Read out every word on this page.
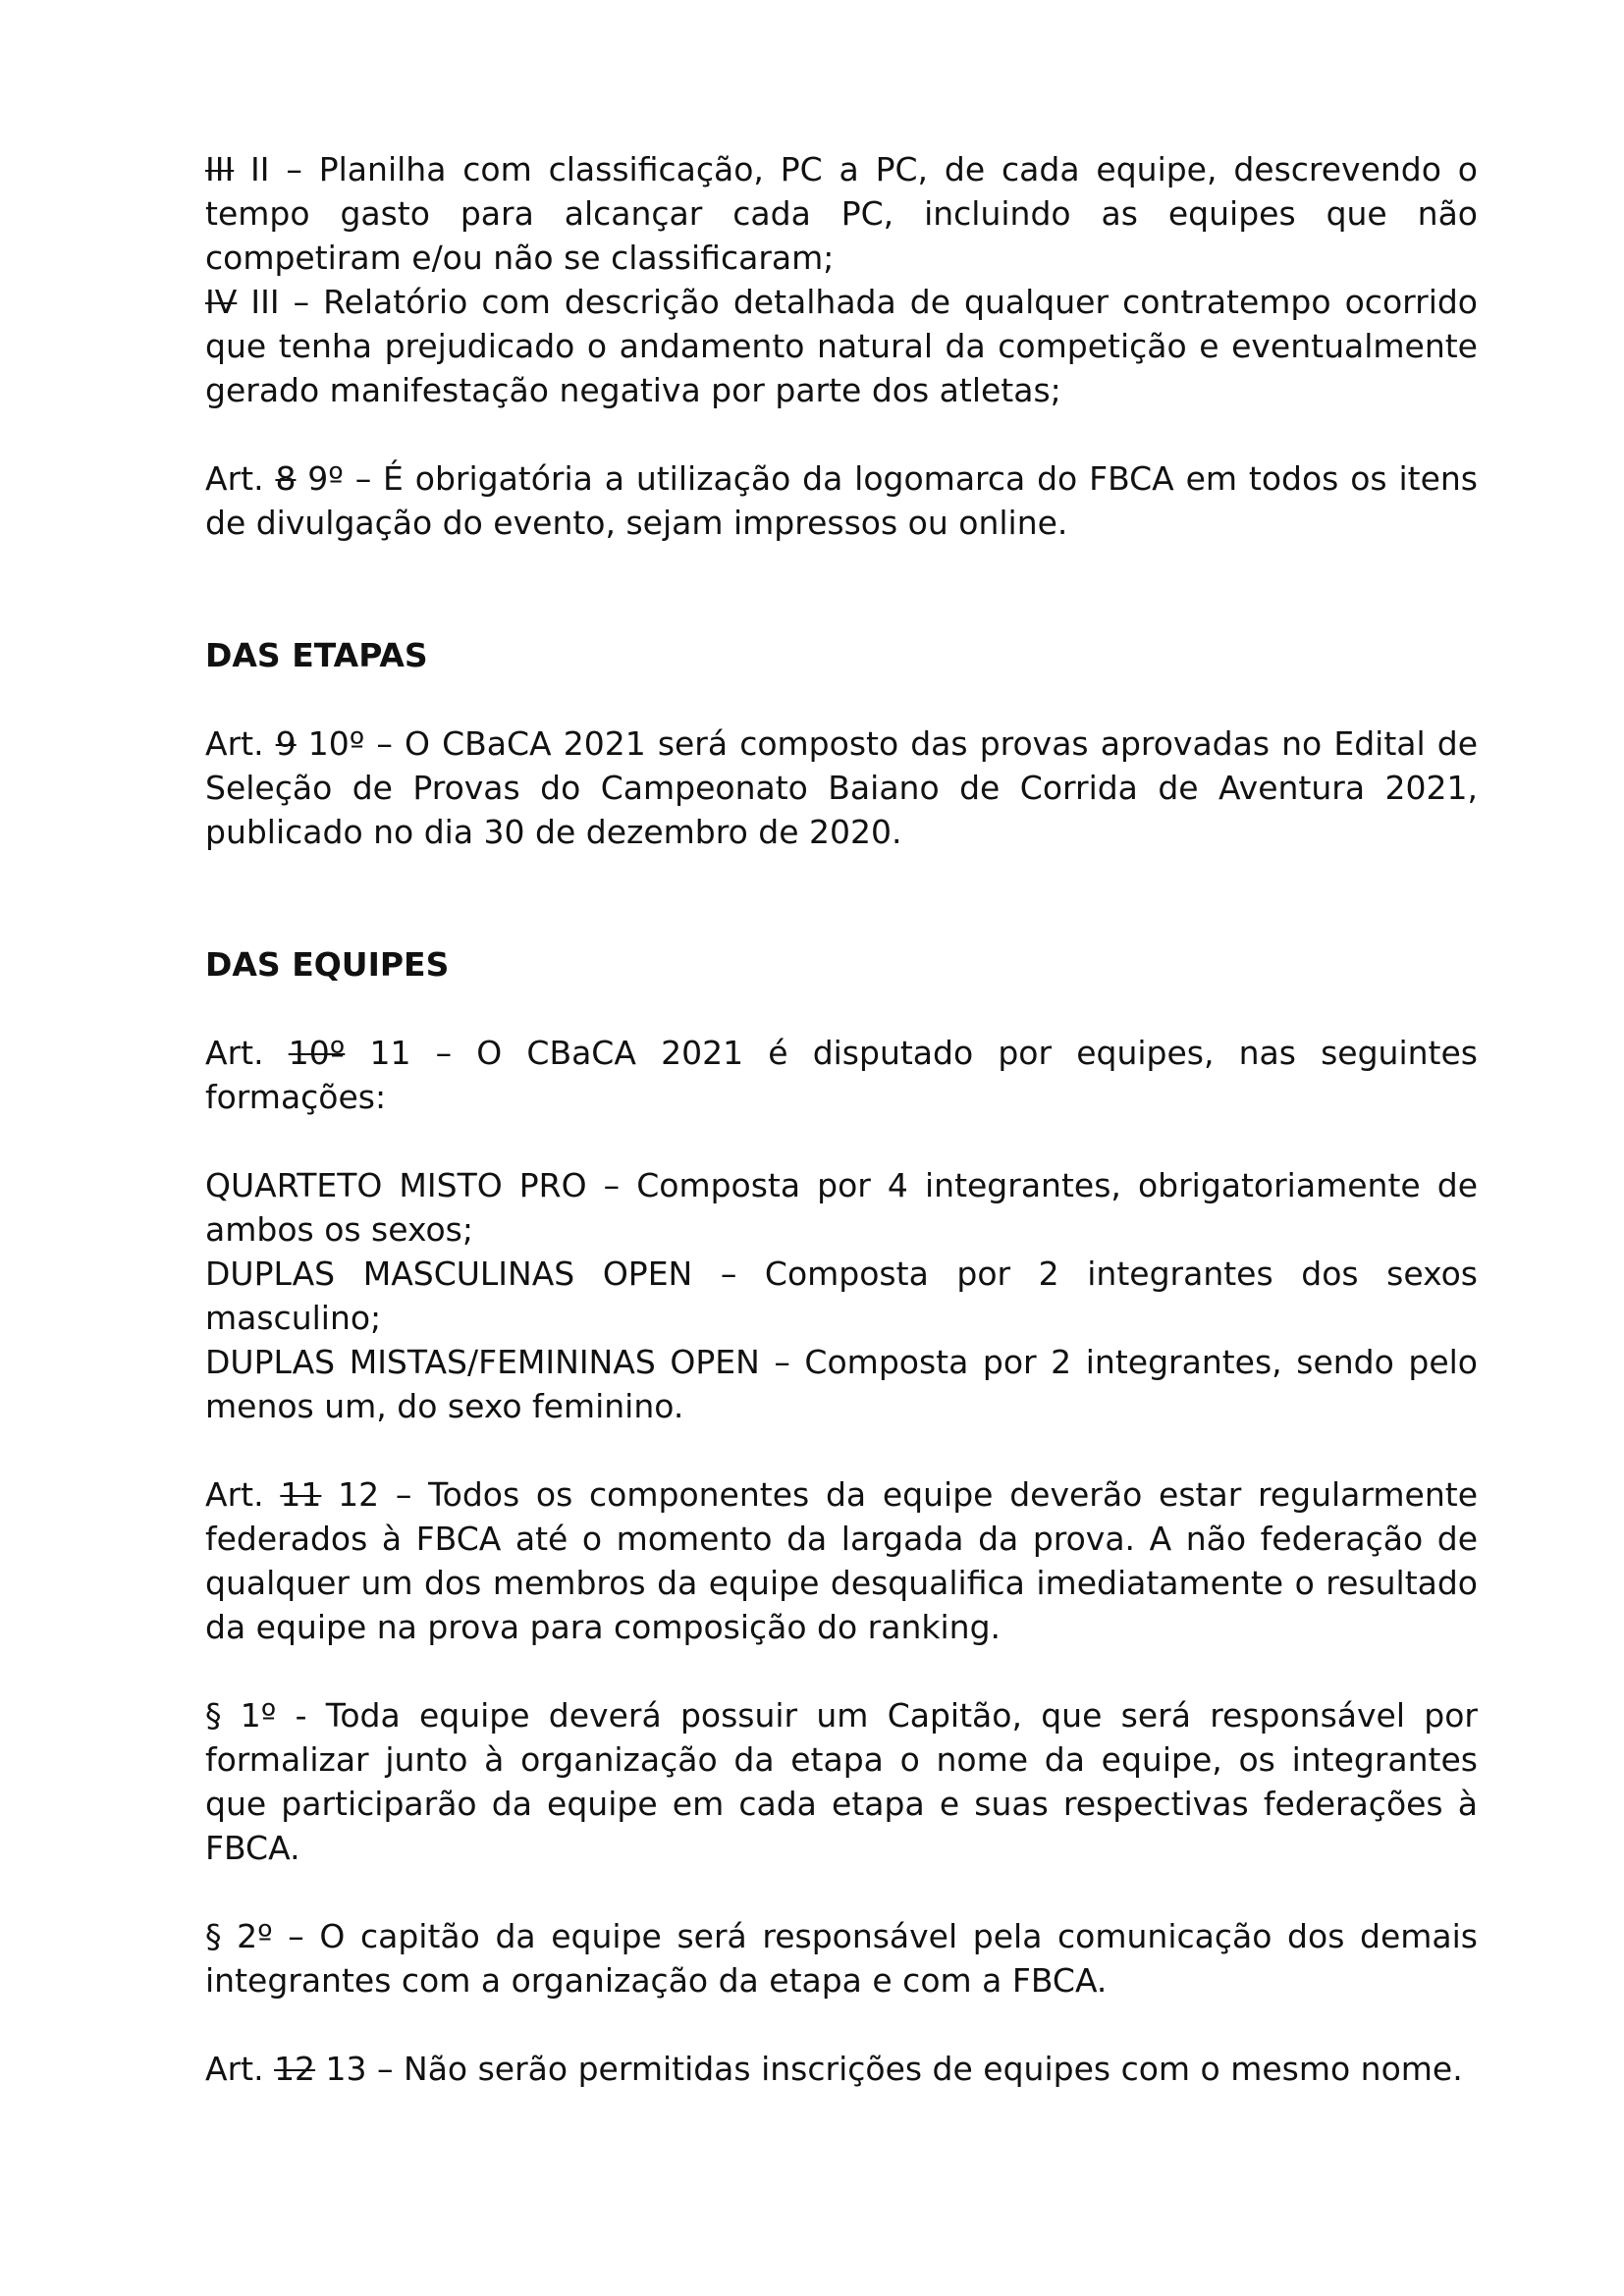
III II – Planilha com classificação, PC a PC, de cada equipe, descrevendo o tempo gasto para alcançar cada PC, incluindo as equipes que não competiram e/ou não se classificaram;

IV III – Relatório com descrição detalhada de qualquer contratempo ocorrido que tenha prejudicado o andamento natural da competição e eventualmente gerado manifestação negativa por parte dos atletas;

Art. 8 9º – É obrigatória a utilização da logomarca do FBCA em todos os itens de divulgação do evento, sejam impressos ou online.

DAS ETAPAS

Art. 9 10º – O CBaCA 2021 será composto das provas aprovadas no Edital de Seleção de Provas do Campeonato Baiano de Corrida de Aventura 2021, publicado no dia 30 de dezembro de 2020.

DAS EQUIPES

Art. 10º 11 – O CBaCA 2021 é disputado por equipes, nas seguintes formações:

QUARTETO MISTO PRO – Composta por 4 integrantes, obrigatoriamente de ambos os sexos;

DUPLAS MASCULINAS OPEN – Composta por 2 integrantes dos sexos masculino;

DUPLAS MISTAS/FEMININAS OPEN – Composta por 2 integrantes, sendo pelo menos um, do sexo feminino.

Art. 11 12 – Todos os componentes da equipe deverão estar regularmente federados à FBCA até o momento da largada da prova. A não federação de qualquer um dos membros da equipe desqualifica imediatamente o resultado da equipe na prova para composição do ranking.

§ 1º - Toda equipe deverá possuir um Capitão, que será responsável por formalizar junto à organização da etapa o nome da equipe, os integrantes que participarão da equipe em cada etapa e suas respectivas federações à FBCA.

§ 2º – O capitão da equipe será responsável pela comunicação dos demais integrantes com a organização da etapa e com a FBCA.

Art. 12 13 – Não serão permitidas inscrições de equipes com o mesmo nome.
